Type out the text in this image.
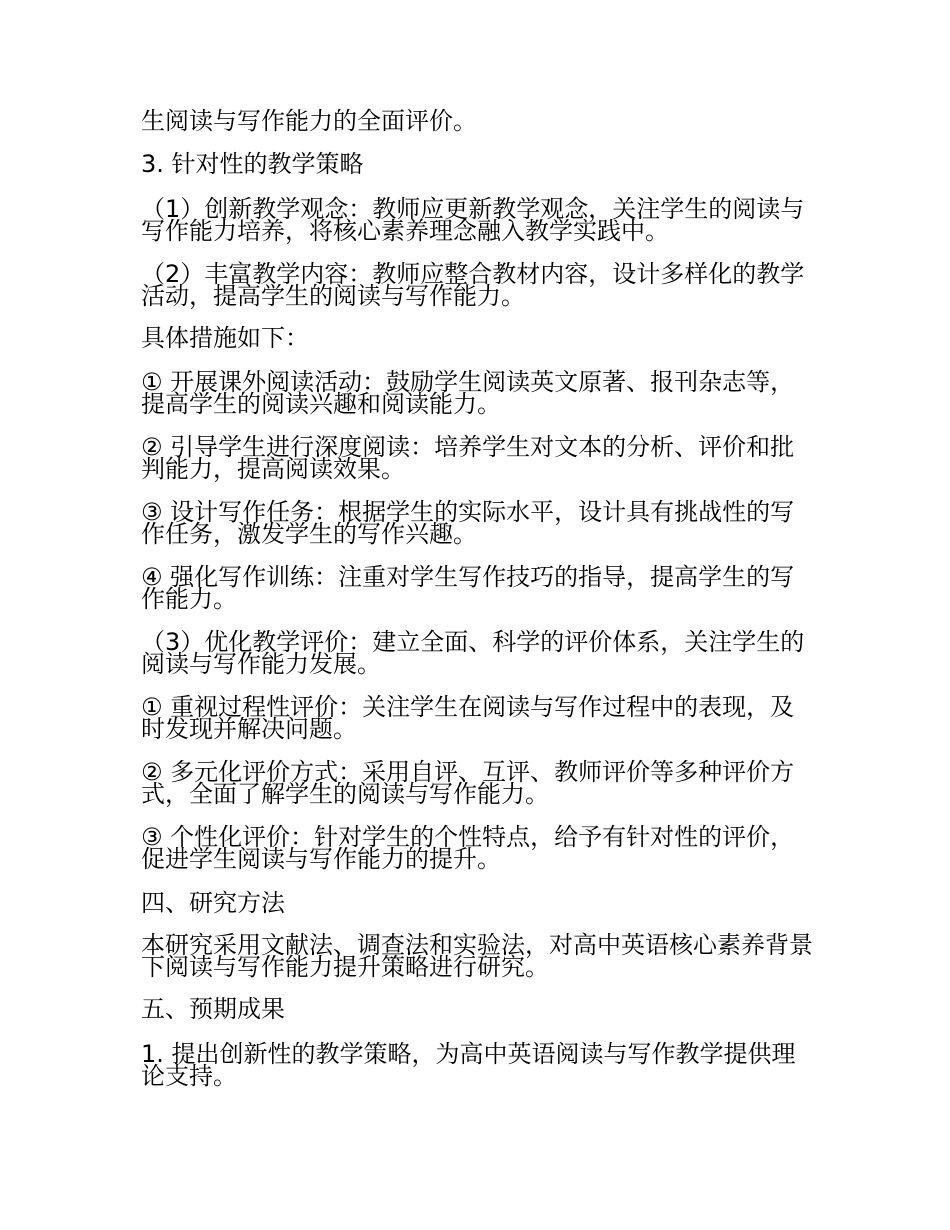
生阅读与写作能力的全面评价。

3. 针对性的教学策略

（1）创新教学观念：教师应更新教学观念，关注学生的阅读与写作能力培养，将核心素养理念融入教学实践中。

（2）丰富教学内容：教师应整合教材内容，设计多样化的教学活动，提高学生的阅读与写作能力。

具体措施如下：

① 开展课外阅读活动：鼓励学生阅读英文原著、报刊杂志等，提高学生的阅读兴趣和阅读能力。

② 引导学生进行深度阅读：培养学生对文本的分析、评价和批判能力，提高阅读效果。

③ 设计写作任务：根据学生的实际水平，设计具有挑战性的写作任务，激发学生的写作兴趣。

④ 强化写作训练：注重对学生写作技巧的指导，提高学生的写作能力。

（3）优化教学评价：建立全面、科学的评价体系，关注学生的阅读与写作能力发展。

① 重视过程性评价：关注学生在阅读与写作过程中的表现，及时发现并解决问题。

② 多元化评价方式：采用自评、互评、教师评价等多种评价方式，全面了解学生的阅读与写作能力。

③ 个性化评价：针对学生的个性特点，给予有针对性的评价，促进学生阅读与写作能力的提升。

四、研究方法

本研究采用文献法、调查法和实验法，对高中英语核心素养背景下阅读与写作能力提升策略进行研究。

五、预期成果

1. 提出创新性的教学策略，为高中英语阅读与写作教学提供理论支持。
